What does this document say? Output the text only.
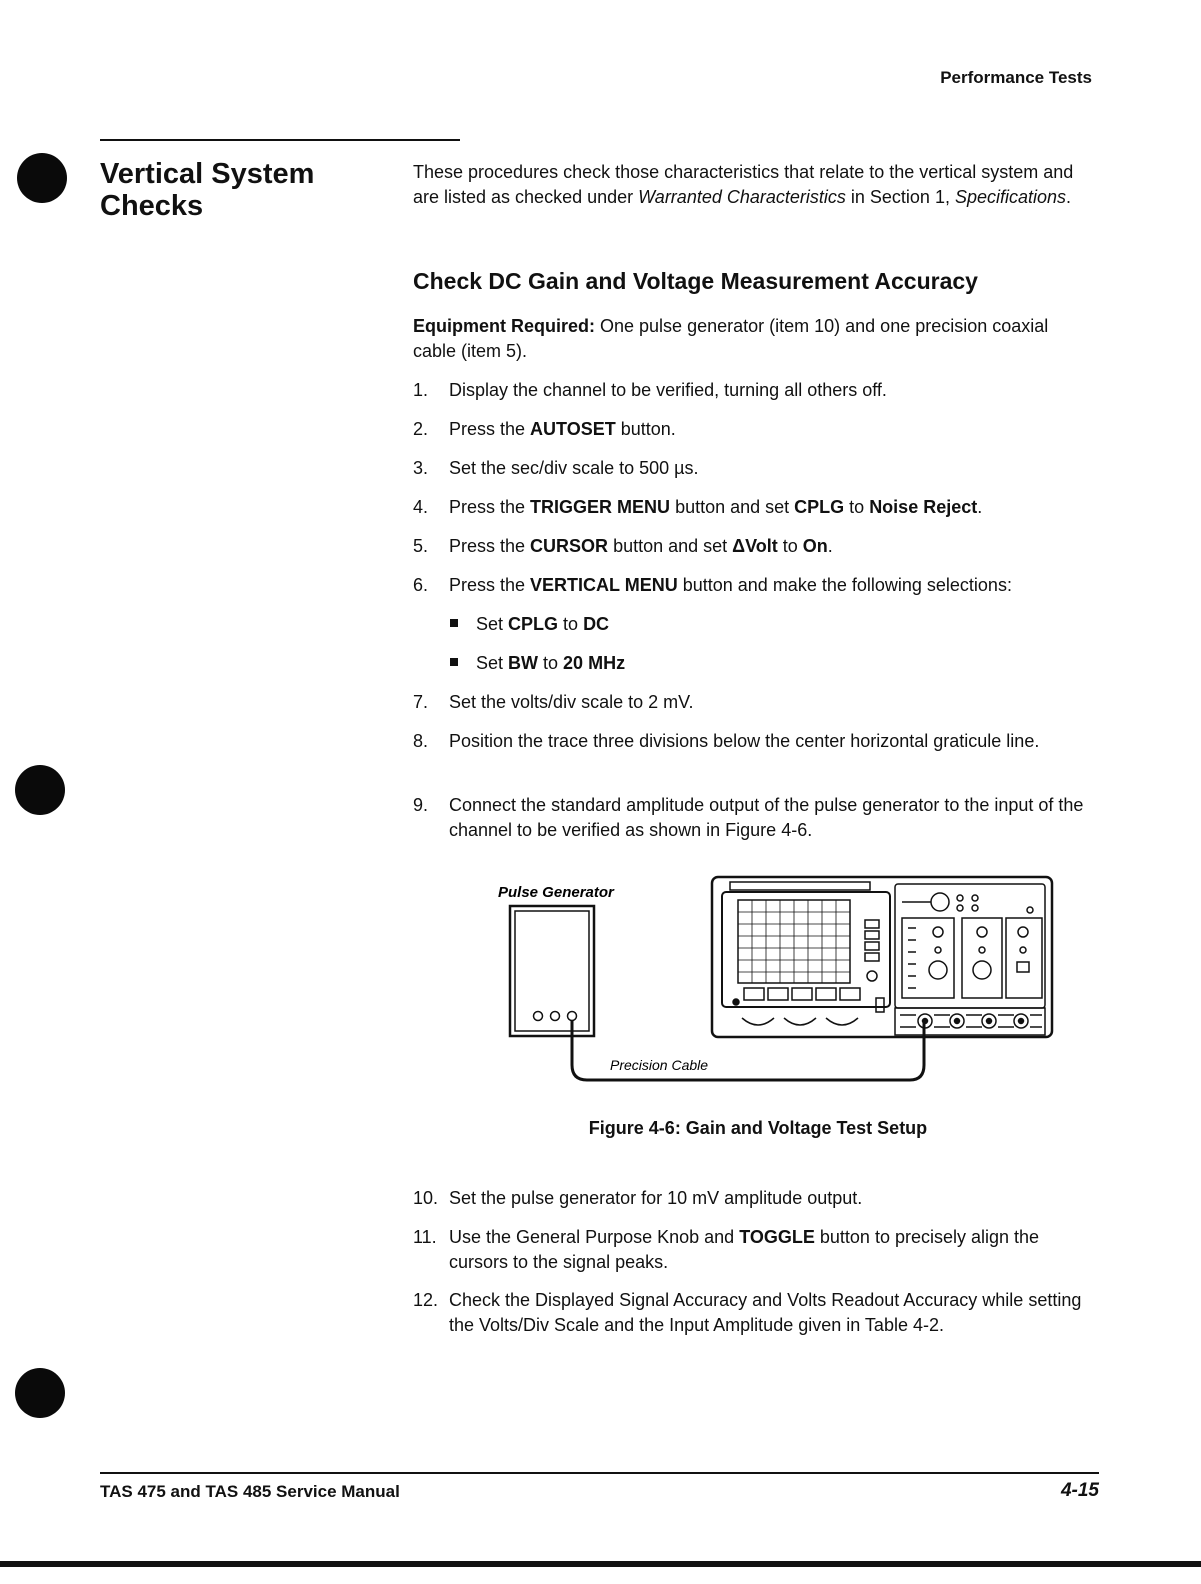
Performance Tests
Vertical System Checks
These procedures check those characteristics that relate to the vertical system and are listed as checked under Warranted Characteristics in Section 1, Specifications.
Check DC Gain and Voltage Measurement Accuracy
Equipment Required: One pulse generator (item 10) and one precision coaxial cable (item 5).
1.	Display the channel to be verified, turning all others off.
2.	Press the AUTOSET button.
3.	Set the sec/div scale to 500 µs.
4.	Press the TRIGGER MENU button and set CPLG to Noise Reject.
5.	Press the CURSOR button and set ΔVolt to On.
6.	Press the VERTICAL MENU button and make the following selections:
Set CPLG to DC
Set BW to 20 MHz
7.	Set the volts/div scale to 2 mV.
8.	Position the trace three divisions below the center horizontal graticule line.
9.	Connect the standard amplitude output of the pulse generator to the input of the channel to be verified as shown in Figure 4-6.
Pulse Generator
Precision Cable
Figure 4-6: Gain and Voltage Test Setup
10. Set the pulse generator for 10 mV amplitude output.
11. Use the General Purpose Knob and TOGGLE button to precisely align the cursors to the signal peaks.
12. Check the Displayed Signal Accuracy and Volts Readout Accuracy while setting the Volts/Div Scale and the Input Amplitude given in Table 4-2.
TAS 475 and TAS 485 Service Manual	4-15
